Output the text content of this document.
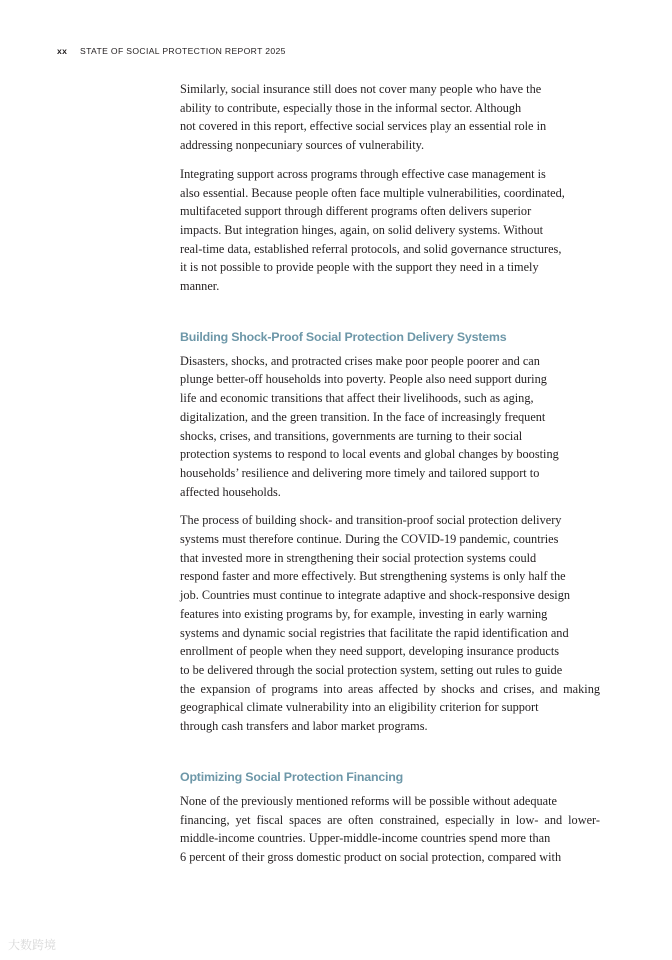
xx STATE OF SOCIAL PROTECTION REPORT 2025

Similarly, social insurance still does not cover many people who have the
ability to contribute, especially those in the informal sector. Although
not covered in this report, effective social services play an essential role in
addressing nonpecuniary sources of vulnerability.

Integrating support across programs through effective case management is
also essential. Because people often face multiple vulnerabilities, coordinated,
multifaceted support through different programs often delivers superior
impacts. But integration hinges, again, on solid delivery systems. Without
real-time data, established referral protocols, and solid governance structures,
it is not possible to provide people with the support they need in a timely
manner.

Building Shock-Proof Social Protection Delivery Systems

Disasters, shocks, and protracted crises make poor people poorer and can
plunge better-off households into poverty. People also need support during
life and economic transitions that affect their livelihoods, such as aging,
digitalization, and the green transition. In the face of increasingly frequent
shocks, crises, and transitions, governments are turning to their social
protection systems to respond to local events and global changes by boosting
households’ resilience and delivering more timely and tailored support to
affected households.

The process of building shock- and transition-proof social protection delivery
systems must therefore continue. During the COVID-19 pandemic, countries
that invested more in strengthening their social protection systems could
respond faster and more effectively. But strengthening systems is only half the
job. Countries must continue to integrate adaptive and shock-responsive design
features into existing programs by, for example, investing in early warning
systems and dynamic social registries that facilitate the rapid identification and
enrollment of people when they need support, developing insurance products
to be delivered through the social protection system, setting out rules to guide
the expansion of programs into areas affected by shocks and crises, and making
geographical climate vulnerability into an eligibility criterion for support
through cash transfers and labor market programs.

Optimizing Social Protection Financing

None of the previously mentioned reforms will be possible without adequate
financing, yet fiscal spaces are often constrained, especially in low- and lower-
middle-income countries. Upper-middle-income countries spend more than
6 percent of their gross domestic product on social protection, compared with

大数跨境
